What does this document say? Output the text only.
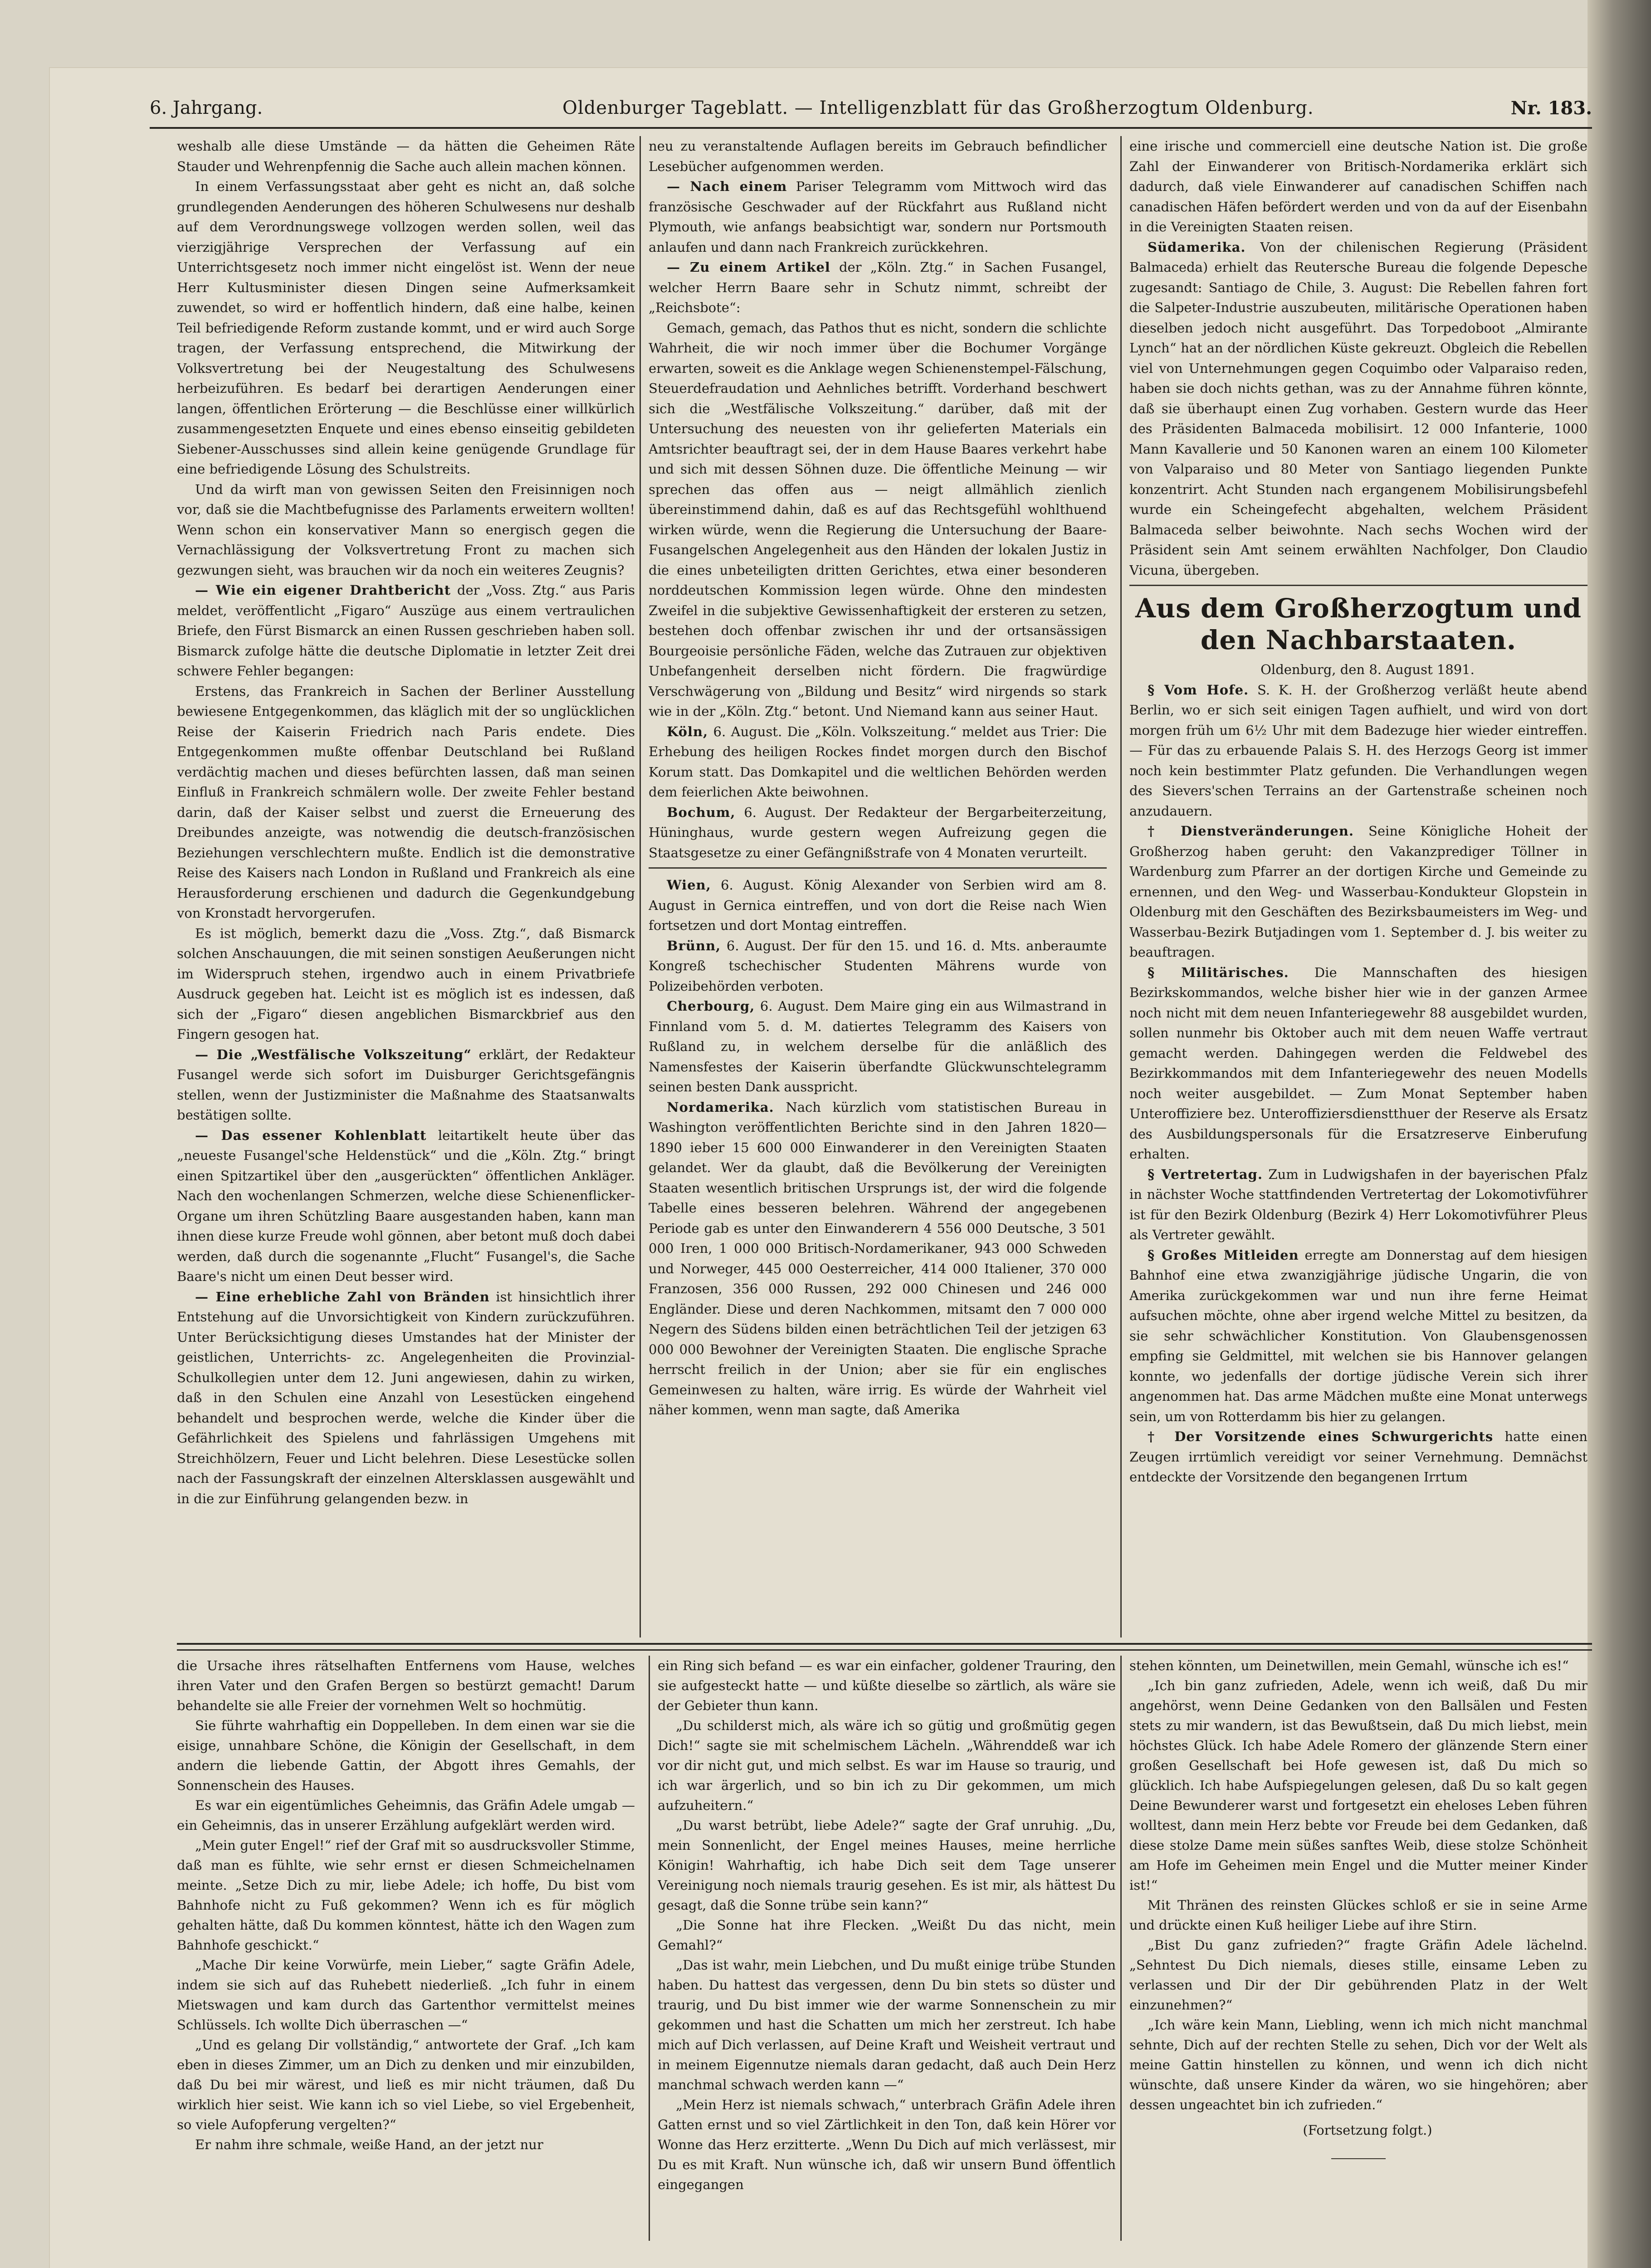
6. Jahrgang.	Oldenburger Tageblatt. — Intelligenzblatt für das Großherzogtum Oldenburg.	Nr. 183.

weshalb alle diese Umstände — da hätten die Geheimen Räte Stauder und Wehrenpfennig die Sache auch allein machen können.

In einem Verfassungsstaat aber geht es nicht an, daß solche grundlegenden Aenderungen des höheren Schulwesens nur deshalb auf dem Verordnungswege vollzogen werden sollen, weil das vierzigjährige Versprechen der Verfassung auf ein Unterrichtsgesetz noch immer nicht eingelöst ist. Wenn der neue Herr Kultusminister diesen Dingen seine Aufmerksamkeit zuwendet, so wird er hoffentlich hindern, daß eine halbe, keinen Teil befriedigende Reform zustande kommt, und er wird auch Sorge tragen, der Verfassung entsprechend, die Mitwirkung der Volksvertretung bei der Neugestaltung des Schulwesens herbeizuführen. Es bedarf bei derartigen Aenderungen einer langen, öffentlichen Erörterung — die Beschlüsse einer willkürlich zusammengesetzten Enquete und eines ebenso einseitig gebildeten Siebener-Ausschusses sind allein keine genügende Grundlage für eine befriedigende Lösung des Schulstreits.

Und da wirft man von gewissen Seiten den Freisinnigen noch vor, daß sie die Machtbefugnisse des Parlaments erweitern wollten! Wenn schon ein konservativer Mann so energisch gegen die Vernachlässigung der Volksvertretung Front zu machen sich gezwungen sieht, was brauchen wir da noch ein weiteres Zeugnis?

— Wie ein eigener Drahtbericht der „Voss. Ztg.“ aus Paris meldet, veröffentlicht „Figaro“ Auszüge aus einem vertraulichen Briefe, den Fürst Bismarck an einen Russen geschrieben haben soll. Bismarck zufolge hätte die deutsche Diplomatie in letzter Zeit drei schwere Fehler begangen:

Erstens, das Frankreich in Sachen der Berliner Ausstellung bewiesene Entgegenkommen, das kläglich mit der so unglücklichen Reise der Kaiserin Friedrich nach Paris endete. Dies Entgegenkommen mußte offenbar Deutschland bei Rußland verdächtig machen und dieses befürchten lassen, daß man seinen Einfluß in Frankreich schmälern wolle. Der zweite Fehler bestand darin, daß der Kaiser selbst und zuerst die Erneuerung des Dreibundes anzeigte, was notwendig die deutsch-französischen Beziehungen verschlechtern mußte. Endlich ist die demonstrative Reise des Kaisers nach London in Rußland und Frankreich als eine Herausforderung erschienen und dadurch die Gegenkundgebung von Kronstadt hervorgerufen.

Es ist möglich, bemerkt dazu die „Voss. Ztg.“, daß Bismarck solchen Anschauungen, die mit seinen sonstigen Aeußerungen nicht im Widerspruch stehen, irgendwo auch in einem Privatbriefe Ausdruck gegeben hat. Leicht ist es möglich ist es indessen, daß sich der „Figaro“ diesen angeblichen Bismarckbrief aus den Fingern gesogen hat.

— Die „Westfälische Volkszeitung“ erklärt, der Redakteur Fusangel werde sich sofort im Duisburger Gerichtsgefängnis stellen, wenn der Justizminister die Maßnahme des Staatsanwalts bestätigen sollte.

— Das essener Kohlenblatt leitartikelt heute über das „neueste Fusangel'sche Heldenstück“ und die „Köln. Ztg.“ bringt einen Spitzartikel über den „ausgerückten“ öffentlichen Ankläger. Nach den wochenlangen Schmerzen, welche diese Schienenflicker-Organe um ihren Schützling Baare ausgestanden haben, kann man ihnen diese kurze Freude wohl gönnen, aber betont muß doch dabei werden, daß durch die sogenannte „Flucht“ Fusangel's, die Sache Baare's nicht um einen Deut besser wird.

— Eine erhebliche Zahl von Bränden ist hinsichtlich ihrer Entstehung auf die Unvorsichtigkeit von Kindern zurückzuführen. Unter Berücksichtigung dieses Umstandes hat der Minister der geistlichen, Unterrichts- zc. Angelegenheiten die Provinzial-Schulkollegien unter dem 12. Juni angewiesen, dahin zu wirken, daß in den Schulen eine Anzahl von Lesestücken eingehend behandelt und besprochen werde, welche die Kinder über die Gefährlichkeit des Spielens und fahrlässigen Umgehens mit Streichhölzern, Feuer und Licht belehren. Diese Lesestücke sollen nach der Fassungskraft der einzelnen Altersklassen ausgewählt und in die zur Einführung gelangenden bezw. in

neu zu veranstaltende Auflagen bereits im Gebrauch befindlicher Lesebücher aufgenommen werden.

— Nach einem Pariser Telegramm vom Mittwoch wird das französische Geschwader auf der Rückfahrt aus Rußland nicht Plymouth, wie anfangs beabsichtigt war, sondern nur Portsmouth anlaufen und dann nach Frankreich zurückkehren.

— Zu einem Artikel der „Köln. Ztg.“ in Sachen Fusangel, welcher Herrn Baare sehr in Schutz nimmt, schreibt der „Reichsbote“:

Gemach, gemach, das Pathos thut es nicht, sondern die schlichte Wahrheit, die wir noch immer über die Bochumer Vorgänge erwarten, soweit es die Anklage wegen Schienenstempel-Fälschung, Steuerdefraudation und Aehnliches betrifft. Vorderhand beschwert sich die „Westfälische Volkszeitung.“ darüber, daß mit der Untersuchung des neuesten von ihr gelieferten Materials ein Amtsrichter beauftragt sei, der in dem Hause Baares verkehrt habe und sich mit dessen Söhnen duze. Die öffentliche Meinung — wir sprechen das offen aus — neigt allmählich zienlich übereinstimmend dahin, daß es auf das Rechtsgefühl wohlthuend wirken würde, wenn die Regierung die Untersuchung der Baare-Fusangelschen Angelegenheit aus den Händen der lokalen Justiz in die eines unbeteiligten dritten Gerichtes, etwa einer besonderen norddeutschen Kommission legen würde. Ohne den mindesten Zweifel in die subjektive Gewissenhaftigkeit der ersteren zu setzen, bestehen doch offenbar zwischen ihr und der ortsansässigen Bourgeoisie persönliche Fäden, welche das Zutrauen zur objektiven Unbefangenheit derselben nicht fördern. Die fragwürdige Verschwägerung von „Bildung und Besitz“ wird nirgends so stark wie in der „Köln. Ztg.“ betont. Und Niemand kann aus seiner Haut.

Köln, 6. August. Die „Köln. Volkszeitung.“ meldet aus Trier: Die Erhebung des heiligen Rockes findet morgen durch den Bischof Korum statt. Das Domkapitel und die weltlichen Behörden werden dem feierlichen Akte beiwohnen.

Bochum, 6. August. Der Redakteur der Bergarbeiterzeitung, Hüninghaus, wurde gestern wegen Aufreizung gegen die Staatsgesetze zu einer Gefängnißstrafe von 4 Monaten verurteilt.

Wien, 6. August. König Alexander von Serbien wird am 8. August in Gernica eintreffen, und von dort die Reise nach Wien fortsetzen und dort Montag eintreffen.

Brünn, 6. August. Der für den 15. und 16. d. Mts. anberaumte Kongreß tschechischer Studenten Mährens wurde von Polizeibehörden verboten.

Cherbourg, 6. August. Dem Maire ging ein aus Wilmastrand in Finnland vom 5. d. M. datiertes Telegramm des Kaisers von Rußland zu, in welchem derselbe für die anläßlich des Namensfestes der Kaiserin überfandte Glückwunschtelegramm seinen besten Dank ausspricht.

Nordamerika. Nach kürzlich vom statistischen Bureau in Washington veröffentlichten Berichte sind in den Jahren 1820—1890 ieber 15 600 000 Einwanderer in den Vereinigten Staaten gelandet. Wer da glaubt, daß die Bevölkerung der Vereinigten Staaten wesentlich britischen Ursprungs ist, der wird die folgende Tabelle eines besseren belehren. Während der angegebenen Periode gab es unter den Einwanderern 4 556 000 Deutsche, 3 501 000 Iren, 1 000 000 Britisch-Nordamerikaner, 943 000 Schweden und Norweger, 445 000 Oesterreicher, 414 000 Italiener, 370 000 Franzosen, 356 000 Russen, 292 000 Chinesen und 246 000 Engländer. Diese und deren Nachkommen, mitsamt den 7 000 000 Negern des Südens bilden einen beträchtlichen Teil der jetzigen 63 000 000 Bewohner der Vereinigten Staaten. Die englische Sprache herrscht freilich in der Union; aber sie für ein englisches Gemeinwesen zu halten, wäre irrig. Es würde der Wahrheit viel näher kommen, wenn man sagte, daß Amerika

eine irische und commerciell eine deutsche Nation ist. Die große Zahl der Einwanderer von Britisch-Nordamerika erklärt sich dadurch, daß viele Einwanderer auf canadischen Schiffen nach canadischen Häfen befördert werden und von da auf der Eisenbahn in die Vereinigten Staaten reisen.

Südamerika. Von der chilenischen Regierung (Präsident Balmaceda) erhielt das Reutersche Bureau die folgende Depesche zugesandt: Santiago de Chile, 3. August: Die Rebellen fahren fort die Salpeter-Industrie auszubeuten, militärische Operationen haben dieselben jedoch nicht ausgeführt. Das Torpedoboot „Almirante Lynch“ hat an der nördlichen Küste gekreuzt. Obgleich die Rebellen viel von Unternehmungen gegen Coquimbo oder Valparaiso reden, haben sie doch nichts gethan, was zu der Annahme führen könnte, daß sie überhaupt einen Zug vorhaben. Gestern wurde das Heer des Präsidenten Balmaceda mobilisirt. 12 000 Infanterie, 1000 Mann Kavallerie und 50 Kanonen waren an einem 100 Kilometer von Valparaiso und 80 Meter von Santiago liegenden Punkte konzentrirt. Acht Stunden nach ergangenem Mobilisirungsbefehl wurde ein Scheingefecht abgehalten, welchem Präsident Balmaceda selber beiwohnte. Nach sechs Wochen wird der Präsident sein Amt seinem erwählten Nachfolger, Don Claudio Vicuna, übergeben.

Aus dem Großherzogtum und den Nachbarstaaten.

Oldenburg, den 8. August 1891.

§ Vom Hofe. S. K. H. der Großherzog verläßt heute abend Berlin, wo er sich seit einigen Tagen aufhielt, und wird von dort morgen früh um 6½ Uhr mit dem Badezuge hier wieder eintreffen. — Für das zu erbauende Palais S. H. des Herzogs Georg ist immer noch kein bestimmter Platz gefunden. Die Verhandlungen wegen des Sievers'schen Terrains an der Gartenstraße scheinen noch anzudauern.

† Dienstveränderungen. Seine Königliche Hoheit der Großherzog haben geruht: den Vakanzprediger Töllner in Wardenburg zum Pfarrer an der dortigen Kirche und Gemeinde zu ernennen, und den Weg- und Wasserbau-Kondukteur Glopstein in Oldenburg mit den Geschäften des Bezirksbaumeisters im Weg- und Wasserbau-Bezirk Butjadingen vom 1. September d. J. bis weiter zu beauftragen.

§ Militärisches. Die Mannschaften des hiesigen Bezirkskommandos, welche bisher hier wie in der ganzen Armee noch nicht mit dem neuen Infanteriegewehr 88 ausgebildet wurden, sollen nunmehr bis Oktober auch mit dem neuen Waffe vertraut gemacht werden. Dahingegen werden die Feldwebel des Bezirkkommandos mit dem Infanteriegewehr des neuen Modells noch weiter ausgebildet. — Zum Monat September haben Unteroffiziere bez. Unteroffiziersdienstthuer der Reserve als Ersatz des Ausbildungspersonals für die Ersatzreserve Einberufung erhalten.

§ Vertretertag. Zum in Ludwigshafen in der bayerischen Pfalz in nächster Woche stattfindenden Vertretertag der Lokomotivführer ist für den Bezirk Oldenburg (Bezirk 4) Herr Lokomotivführer Pleus als Vertreter gewählt.

§ Großes Mitleiden erregte am Donnerstag auf dem hiesigen Bahnhof eine etwa zwanzigjährige jüdische Ungarin, die von Amerika zurückgekommen war und nun ihre ferne Heimat aufsuchen möchte, ohne aber irgend welche Mittel zu besitzen, da sie sehr schwächlicher Konstitution. Von Glaubensgenossen empfing sie Geldmittel, mit welchen sie bis Hannover gelangen konnte, wo jedenfalls der dortige jüdische Verein sich ihrer angenommen hat. Das arme Mädchen mußte eine Monat unterwegs sein, um von Rotterdamm bis hier zu gelangen.

† Der Vorsitzende eines Schwurgerichts hatte einen Zeugen irrtümlich vereidigt vor seiner Vernehmung. Demnächst entdeckte der Vorsitzende den begangenen Irrtum

die Ursache ihres rätselhaften Entfernens vom Hause, welches ihren Vater und den Grafen Bergen so bestürzt gemacht! Darum behandelte sie alle Freier der vornehmen Welt so hochmütig.

Sie führte wahrhaftig ein Doppelleben. In dem einen war sie die eisige, unnahbare Schöne, die Königin der Gesellschaft, in dem andern die liebende Gattin, der Abgott ihres Gemahls, der Sonnenschein des Hauses.

Es war ein eigentümliches Geheimnis, das Gräfin Adele umgab — ein Geheimnis, das in unserer Erzählung aufgeklärt werden wird.

„Mein guter Engel!“ rief der Graf mit so ausdrucksvoller Stimme, daß man es fühlte, wie sehr ernst er diesen Schmeichelnamen meinte. „Setze Dich zu mir, liebe Adele; ich hoffe, Du bist vom Bahnhofe nicht zu Fuß gekommen? Wenn ich es für möglich gehalten hätte, daß Du kommen könntest, hätte ich den Wagen zum Bahnhofe geschickt.“

„Mache Dir keine Vorwürfe, mein Lieber,“ sagte Gräfin Adele, indem sie sich auf das Ruhebett niederließ. „Ich fuhr in einem Mietswagen und kam durch das Gartenthor vermittelst meines Schlüssels. Ich wollte Dich überraschen —“

„Und es gelang Dir vollständig,“ antwortete der Graf. „Ich kam eben in dieses Zimmer, um an Dich zu denken und mir einzubilden, daß Du bei mir wärest, und ließ es mir nicht träumen, daß Du wirklich hier seist. Wie kann ich so viel Liebe, so viel Ergebenheit, so viele Aufopferung vergelten?“

Er nahm ihre schmale, weiße Hand, an der jetzt nur

ein Ring sich befand — es war ein einfacher, goldener Trauring, den sie aufgesteckt hatte — und küßte dieselbe so zärtlich, als wäre sie der Gebieter thun kann.

„Du schilderst mich, als wäre ich so gütig und großmütig gegen Dich!“ sagte sie mit schelmischem Lächeln. „Währenddeß war ich vor dir nicht gut, und mich selbst. Es war im Hause so traurig, und ich war ärgerlich, und so bin ich zu Dir gekommen, um mich aufzuheitern.“

„Du warst betrübt, liebe Adele?“ sagte der Graf unruhig. „Du, mein Sonnenlicht, der Engel meines Hauses, meine herrliche Königin! Wahrhaftig, ich habe Dich seit dem Tage unserer Vereinigung noch niemals traurig gesehen. Es ist mir, als hättest Du gesagt, daß die Sonne trübe sein kann?“

„Die Sonne hat ihre Flecken. „Weißt Du das nicht, mein Gemahl?“

„Das ist wahr, mein Liebchen, und Du mußt einige trübe Stunden haben. Du hattest das vergessen, denn Du bin stets so düster und traurig, und Du bist immer wie der warme Sonnenschein zu mir gekommen und hast die Schatten um mich her zerstreut. Ich habe mich auf Dich verlassen, auf Deine Kraft und Weisheit vertraut und in meinem Eigennutze niemals daran gedacht, daß auch Dein Herz manchmal schwach werden kann —“

„Mein Herz ist niemals schwach,“ unterbrach Gräfin Adele ihren Gatten ernst und so viel Zärtlichkeit in den Ton, daß kein Hörer vor Wonne das Herz erzitterte. „Wenn Du Dich auf mich verlässest, mir Du es mit Kraft. Nun wünsche ich, daß wir unsern Bund öffentlich eingegangen

stehen könnten, um Deinetwillen, mein Gemahl, wünsche ich es!“

„Ich bin ganz zufrieden, Adele, wenn ich weiß, daß Du mir angehörst, wenn Deine Gedanken von den Ballsälen und Festen stets zu mir wandern, ist das Bewußtsein, daß Du mich liebst, mein höchstes Glück. Ich habe Adele Romero der glänzende Stern einer großen Gesellschaft bei Hofe gewesen ist, daß Du mich so glücklich. Ich habe Aufspiegelungen gelesen, daß Du so kalt gegen Deine Bewunderer warst und fortgesetzt ein eheloses Leben führen wolltest, dann mein Herz bebte vor Freude bei dem Gedanken, daß diese stolze Dame mein süßes sanftes Weib, diese stolze Schönheit am Hofe im Geheimen mein Engel und die Mutter meiner Kinder ist!“

Mit Thränen des reinsten Glückes schloß er sie in seine Arme und drückte einen Kuß heiliger Liebe auf ihre Stirn.

„Bist Du ganz zufrieden?“ fragte Gräfin Adele lächelnd. „Sehntest Du Dich niemals, dieses stille, einsame Leben zu verlassen und Dir der Dir gebührenden Platz in der Welt einzunehmen?“

„Ich wäre kein Mann, Liebling, wenn ich mich nicht manchmal sehnte, Dich auf der rechten Stelle zu sehen, Dich vor der Welt als meine Gattin hinstellen zu können, und wenn ich dich nicht wünschte, daß unsere Kinder da wären, wo sie hingehören; aber dessen ungeachtet bin ich zufrieden.“

(Fortsetzung folgt.)
